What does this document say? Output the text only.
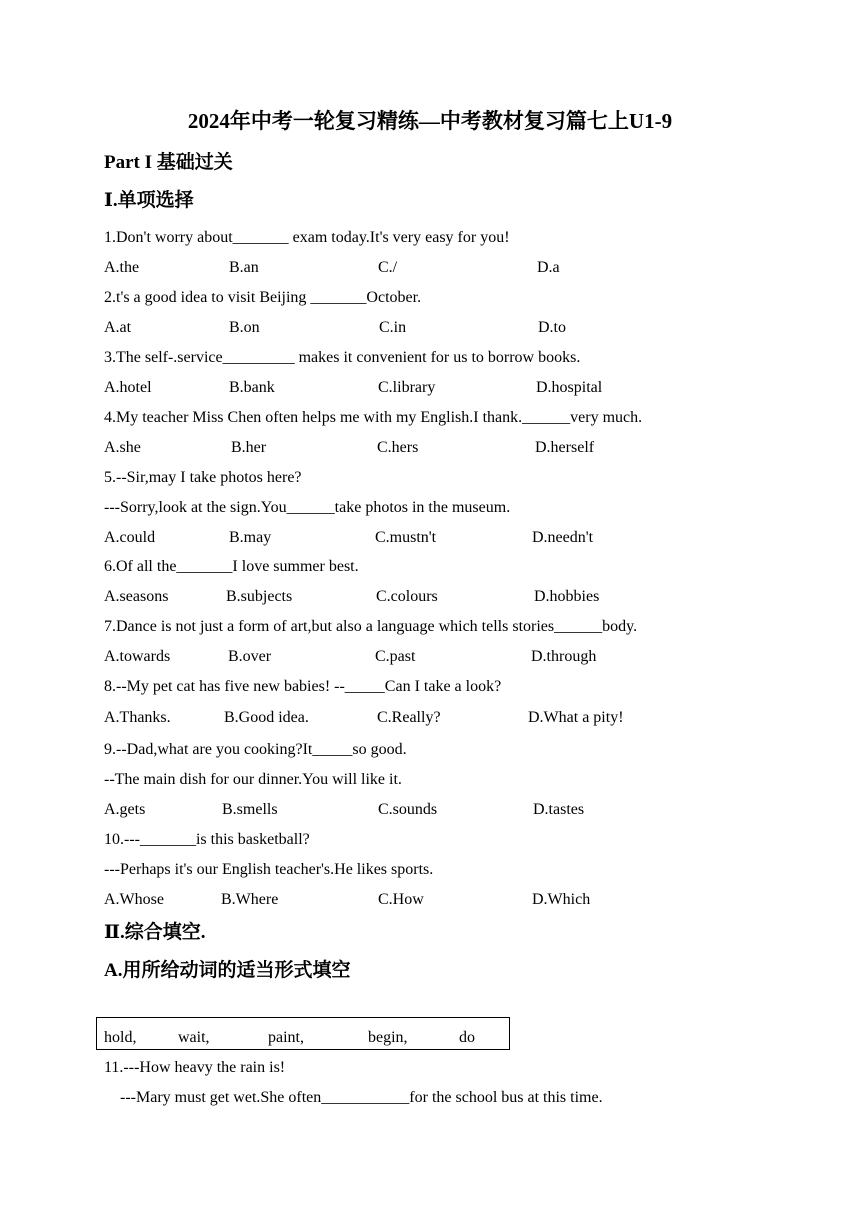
2024年中考一轮复习精练—中考教材复习篇七上U1-9
Part I 基础过关
Ⅰ.单项选择
1.Don't worry about_______ exam today.It's very easy for you!
A.the	B.an	C./	D.a
2.t's a good idea to visit Beijing _______October.
A.at	B.on	C.in	D.to
3.The self-.service_________ makes it convenient for us to borrow books.
A.hotel	B.bank	C.library	D.hospital
4.My teacher Miss Chen often helps me with my English.I thank.______very much.
A.she	B.her	C.hers	D.herself
5.--Sir,may I take photos here?
---Sorry,look at the sign.You______take photos in the museum.
A.could	B.may	C.mustn't	D.needn't
6.Of all the_______I love summer best.
A.seasons	B.subjects	C.colours	D.hobbies
7.Dance is not just a form of art,but also a language which tells stories______body.
A.towards	B.over	C.past	D.through
8.--My pet cat has five new babies! --_____Can I take a look?
A.Thanks.	B.Good idea.	C.Really?	D.What a pity!
9.--Dad,what are you cooking?It_____so good.
--The main dish for our dinner.You will like it.
A.gets	B.smells	C.sounds	D.tastes
10.---_______is this basketball?
---Perhaps it's our English teacher's.He likes sports.
A.Whose	B.Where	C.How	D.Which
Ⅱ.综合填空.
A.用所给动词的适当形式填空
hold,	wait,	paint,	begin,	do
11.---How heavy the rain is!
---Mary must get wet.She often___________for the school bus at this time.
